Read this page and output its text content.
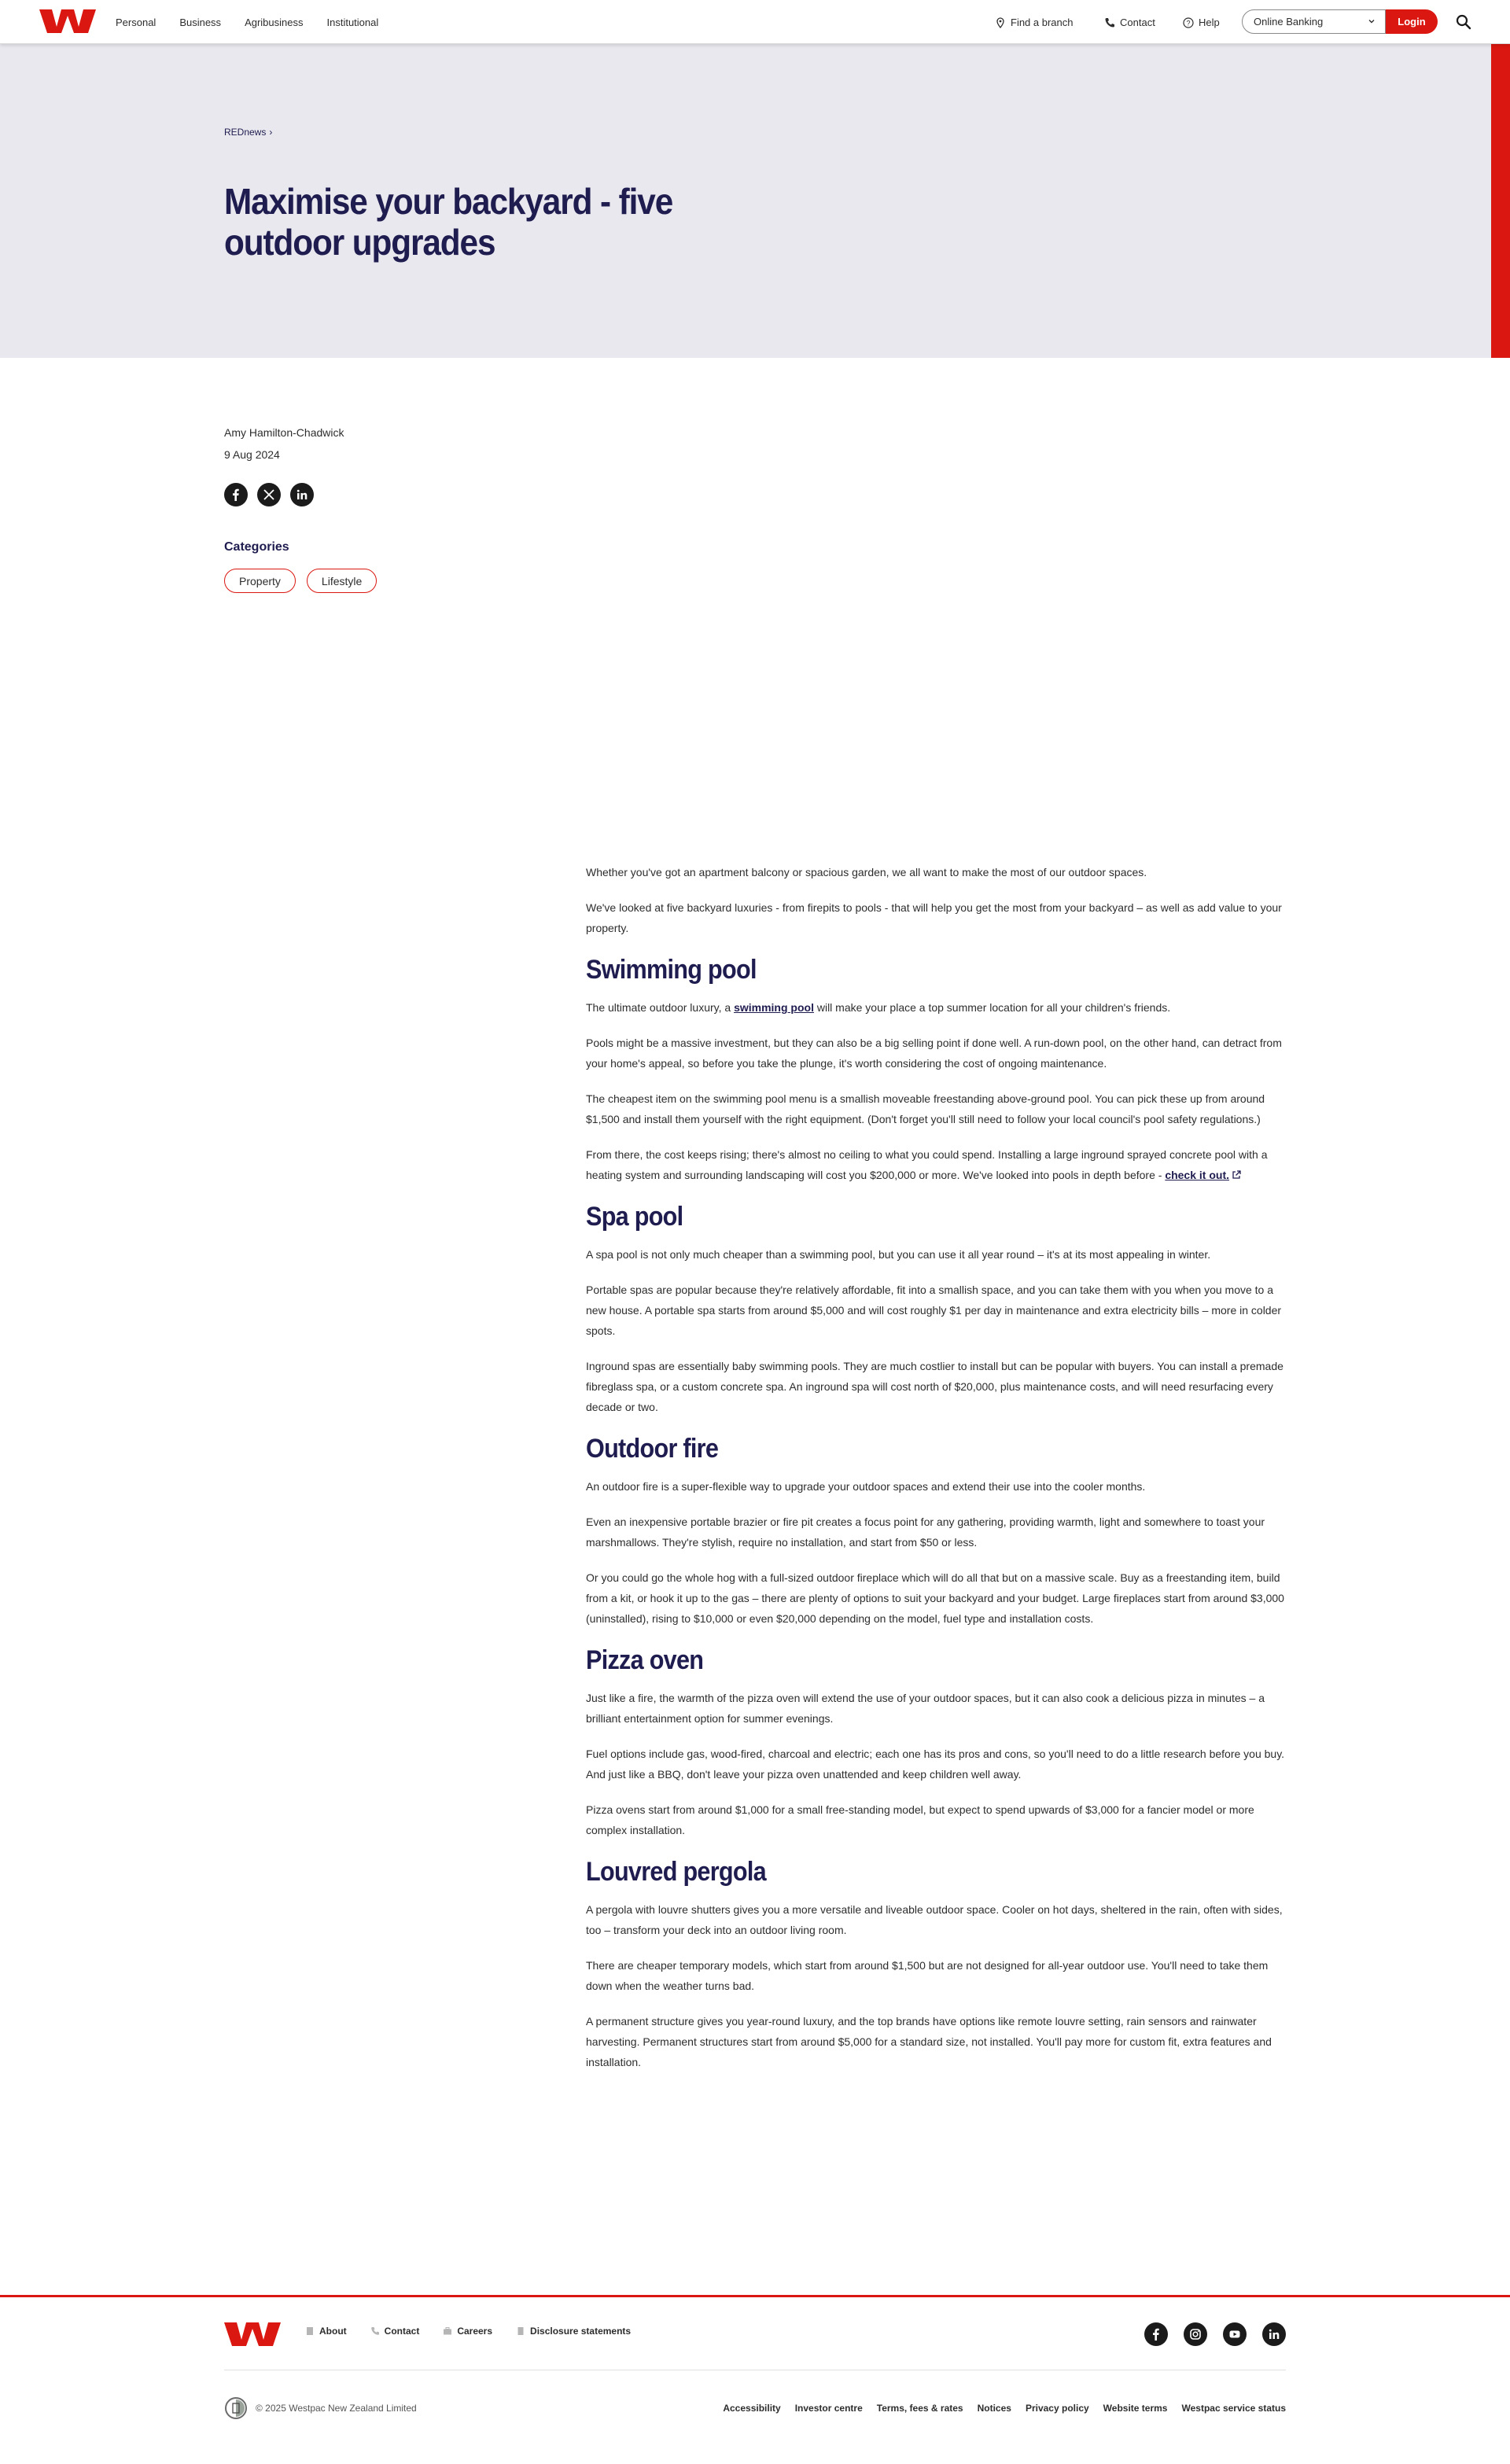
Personal Business Agribusiness Institutional	Find a branch	Contact	? Help	Online Banking	Login
REDnews ›
Maximise your backyard - five outdoor upgrades
Amy Hamilton-Chadwick
9 Aug 2024
Categories
Property	Lifestyle

Whether you've got an apartment balcony or spacious garden, we all want to make the most of our outdoor spaces.

We've looked at five backyard luxuries - from firepits to pools - that will help you get the most from your backyard – as well as add value to your property.

Swimming pool

The ultimate outdoor luxury, a swimming pool will make your place a top summer location for all your children's friends.

Pools might be a massive investment, but they can also be a big selling point if done well. A run-down pool, on the other hand, can detract from your home's appeal, so before you take the plunge, it's worth considering the cost of ongoing maintenance.

The cheapest item on the swimming pool menu is a smallish moveable freestanding above-ground pool. You can pick these up from around $1,500 and install them yourself with the right equipment. (Don't forget you'll still need to follow your local council's pool safety regulations.)

From there, the cost keeps rising; there's almost no ceiling to what you could spend. Installing a large inground sprayed concrete pool with a heating system and surrounding landscaping will cost you $200,000 or more. We've looked into pools in depth before - check it out.

Spa pool

A spa pool is not only much cheaper than a swimming pool, but you can use it all year round – it's at its most appealing in winter.

Portable spas are popular because they're relatively affordable, fit into a smallish space, and you can take them with you when you move to a new house. A portable spa starts from around $5,000 and will cost roughly $1 per day in maintenance and extra electricity bills – more in colder spots.

Inground spas are essentially baby swimming pools. They are much costlier to install but can be popular with buyers. You can install a premade fibreglass spa, or a custom concrete spa. An inground spa will cost north of $20,000, plus maintenance costs, and will need resurfacing every decade or two.

Outdoor fire

An outdoor fire is a super-flexible way to upgrade your outdoor spaces and extend their use into the cooler months.

Even an inexpensive portable brazier or fire pit creates a focus point for any gathering, providing warmth, light and somewhere to toast your marshmallows. They're stylish, require no installation, and start from $50 or less.

Or you could go the whole hog with a full-sized outdoor fireplace which will do all that but on a massive scale. Buy as a freestanding item, build from a kit, or hook it up to the gas – there are plenty of options to suit your backyard and your budget. Large fireplaces start from around $3,000 (uninstalled), rising to $10,000 or even $20,000 depending on the model, fuel type and installation costs.

Pizza oven

Just like a fire, the warmth of the pizza oven will extend the use of your outdoor spaces, but it can also cook a delicious pizza in minutes – a brilliant entertainment option for summer evenings.

Fuel options include gas, wood-fired, charcoal and electric; each one has its pros and cons, so you'll need to do a little research before you buy. And just like a BBQ, don't leave your pizza oven unattended and keep children well away.

Pizza ovens start from around $1,000 for a small free-standing model, but expect to spend upwards of $3,000 for a fancier model or more complex installation.

Louvred pergola

A pergola with louvre shutters gives you a more versatile and liveable outdoor space. Cooler on hot days, sheltered in the rain, often with sides, too – transform your deck into an outdoor living room.

There are cheaper temporary models, which start from around $1,500 but are not designed for all-year outdoor use. You'll need to take them down when the weather turns bad.

A permanent structure gives you year-round luxury, and the top brands have options like remote louvre setting, rain sensors and rainwater harvesting. Permanent structures start from around $5,000 for a standard size, not installed. You'll pay more for custom fit, extra features and installation.

About	Contact	Careers	Disclosure statements
© 2025 Westpac New Zealand Limited	Accessibility Investor centre Terms, fees & rates Notices Privacy policy Website terms Westpac service status
